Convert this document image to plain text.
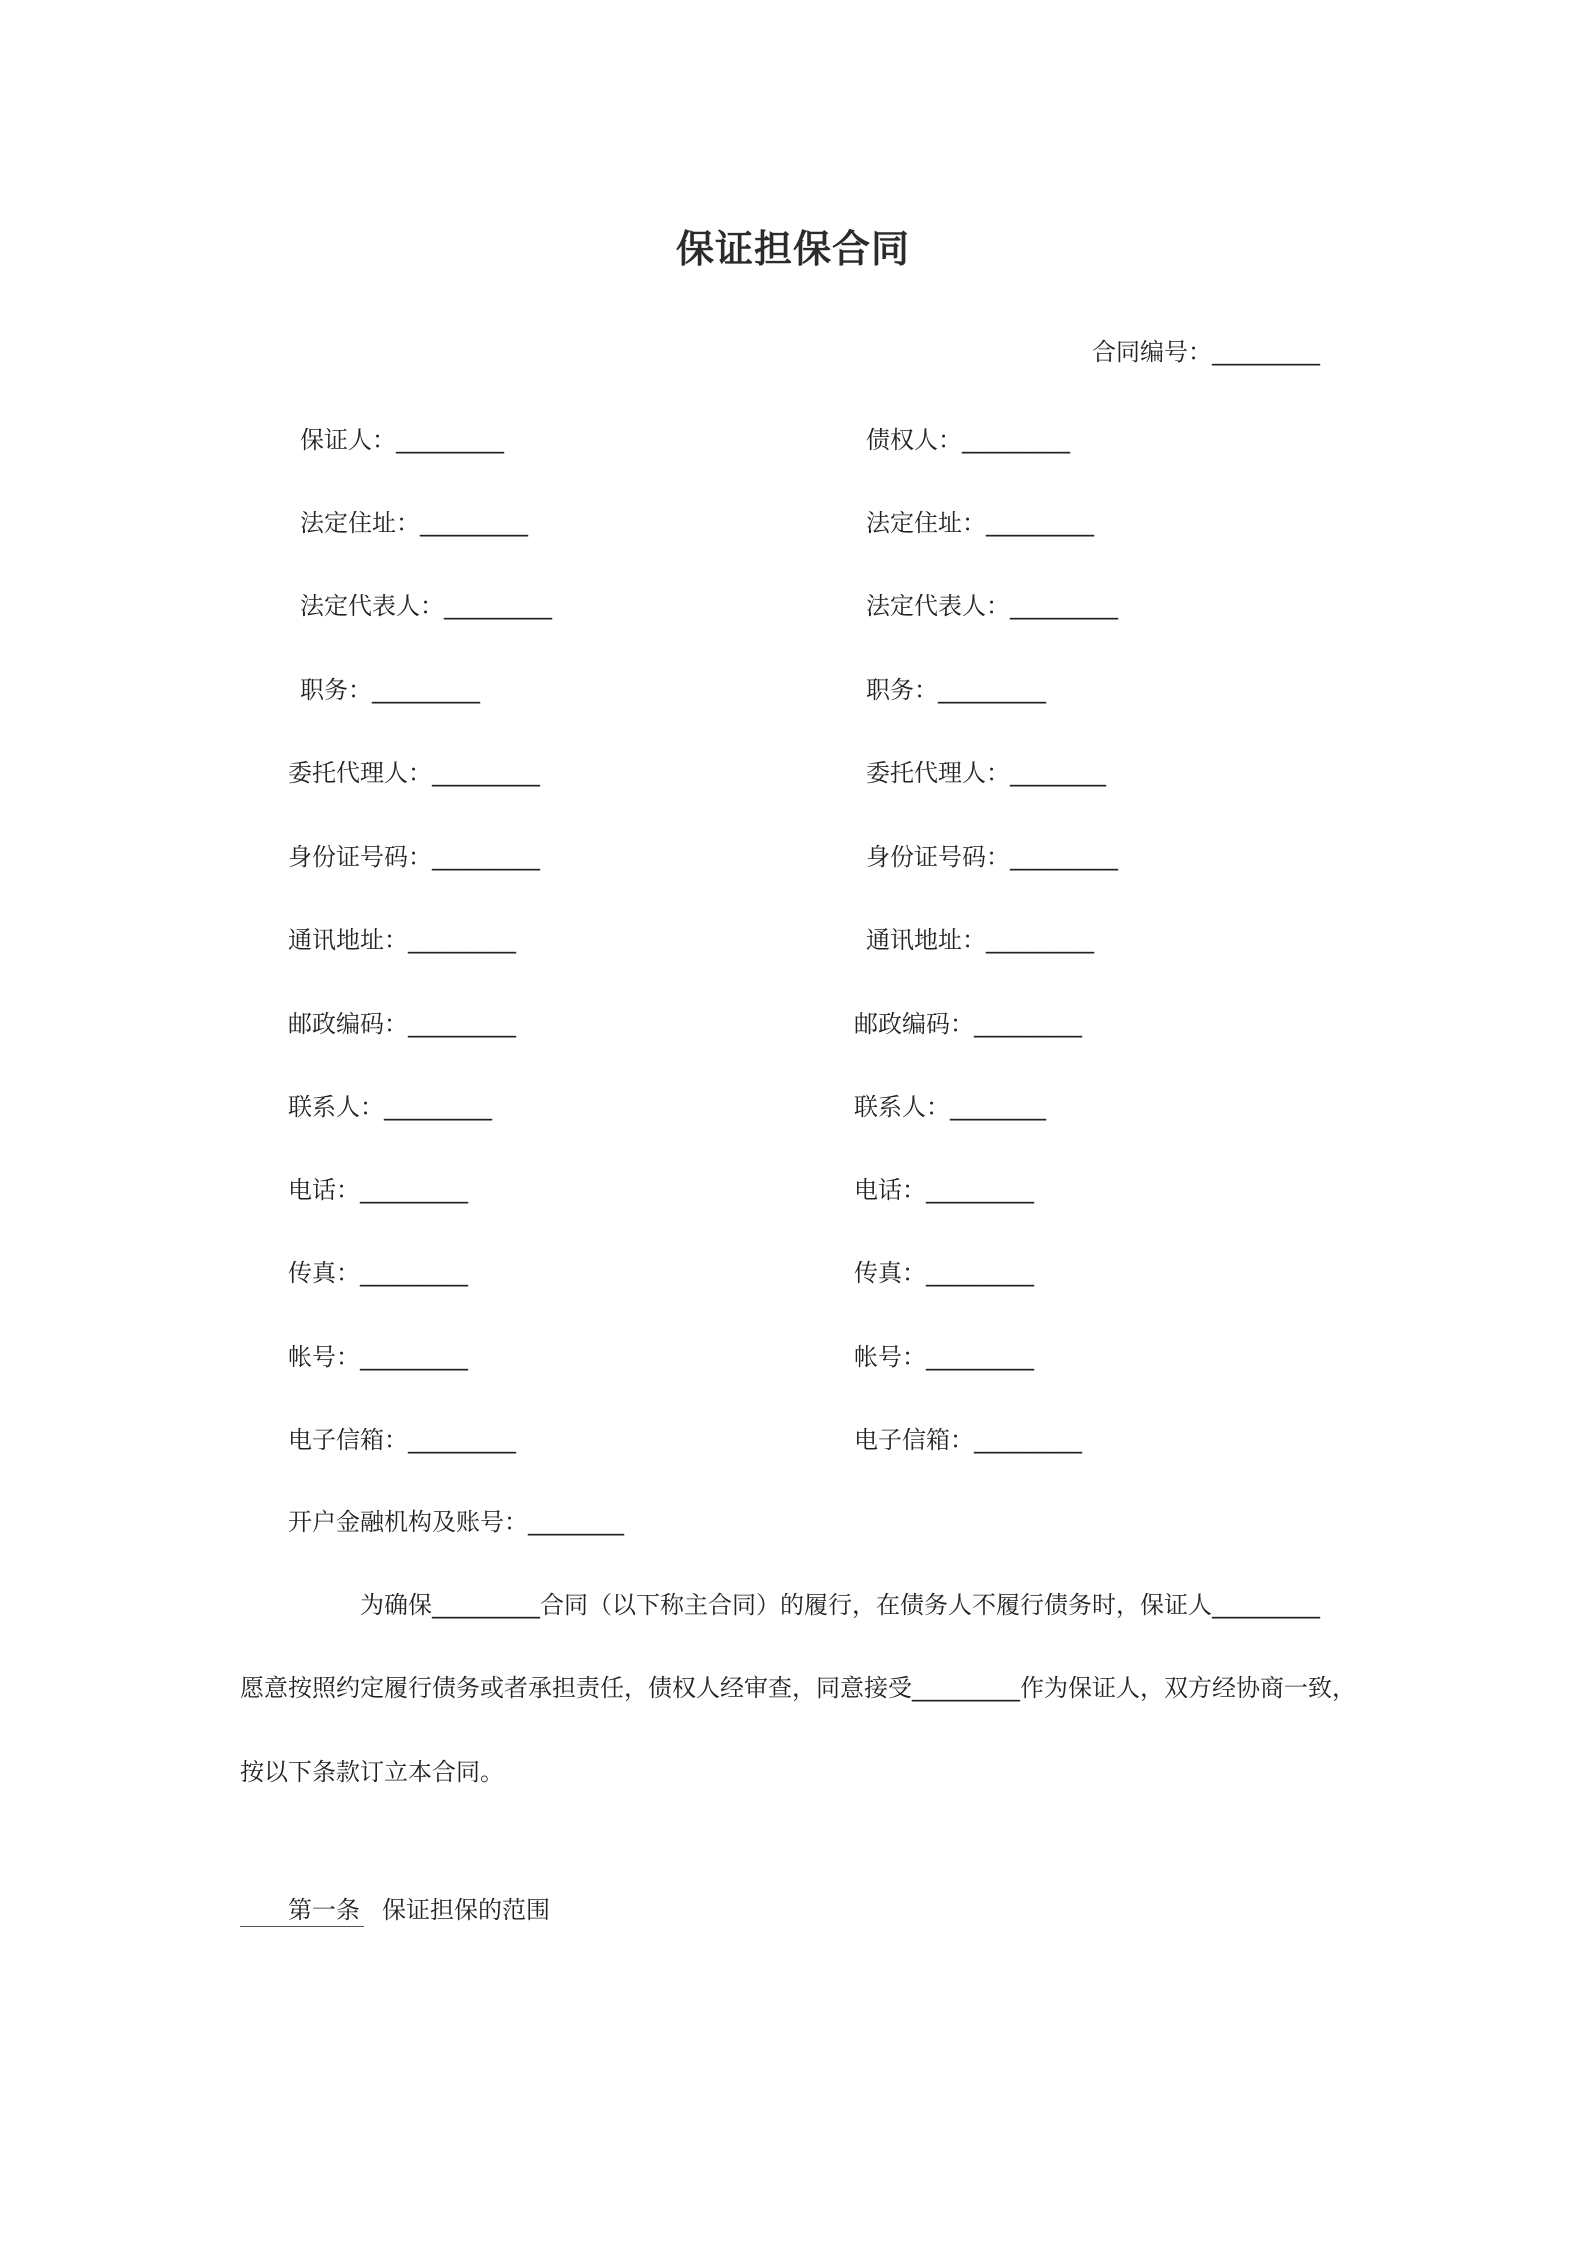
保证担保合同
合同编号：_________
保证人：_________
法定住址：_________
法定代表人：_________
职务：_________
委托代理人：_________
身份证号码：_________
通讯地址：_________
邮政编码：_________
联系人：_________
电话：_________
传真：_________
帐号：_________
电子信箱：_________
开户金融机构及账号：________
债权人：_________
法定住址：_________
法定代表人：_________
职务：_________
委托代理人：________
身份证号码：_________
通讯地址：_________
邮政编码：_________
联系人：________
电话：_________
传真：_________
帐号：_________
电子信箱：_________
为确保_________合同（以下称主合同）的履行，在债务人不履行债务时，保证人_________
愿意按照约定履行债务或者承担责任，债权人经审查，同意接受_________作为保证人，双方经协商一致，
按以下条款订立本合同。
第一条 保证担保的范围
